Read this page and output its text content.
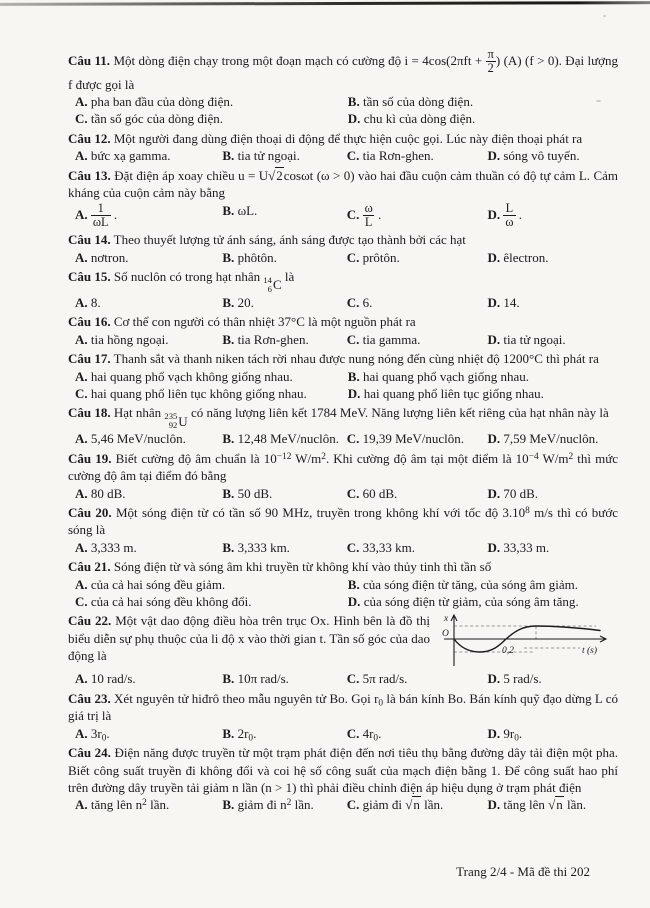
Câu 11. Một dòng điện chạy trong một đoạn mạch có cường độ $i = 4\cos(2\pi ft + \frac{\pi}{2}$ ) (A) (f > 0). Đại lượng f được gọi là

A. pha ban đầu của dòng điện.	B. tần số của dòng điện.
C. tần số góc của dòng điện.	D. chu kì của dòng điện.

Câu 12. Một người đang dùng điện thoại di động để thực hiện cuộc gọi. Lúc này điện thoại phát ra

A. bức xạ gamma.	B. tia tử ngoại.	C. tia Rơn-ghen.	D. sóng vô tuyến.

Câu 13. Đặt điện áp xoay chiều u = U√2cosωt (ω > 0) vào hai đầu cuộn cảm thuần có độ tự cảm L. Cảm kháng của cuộn cảm này bằng

A. $\frac{1}{\omega L}$ .	B. ωL.	C. $\frac{\omega}{L}$ .	D. $\frac{L}{\omega}$ .

Câu 14. Theo thuyết lượng tử ánh sáng, ánh sáng được tạo thành bởi các hạt

A. nơtron.	B. phôtôn.	C. prôtôn.	D. êlectron.

Câu 15. Số nuclôn có trong hạt nhân 14
6 C
là

A. 8.	B. 20.	C. 6.	D. 14.

Câu 16. Cơ thể con người có thân nhiệt 37°C là một nguồn phát ra

A. tia hồng ngoại.	B. tia Rơn-ghen.	C. tia gamma.	D. tia tử ngoại.

Câu 17. Thanh sắt và thanh niken tách rời nhau được nung nóng đến cùng nhiệt độ 1200°C thì phát ra

A. hai quang phổ vạch không giống nhau.	B. hai quang phổ vạch giống nhau.
C. hai quang phổ liên tục không giống nhau.	D. hai quang phổ liên tục giống nhau.

Câu 18. Hạt nhân 235
92 U
có năng lượng liên kết 1784 MeV. Năng lượng liên kết riêng của hạt nhân này là

A. 5,46 MeV/nuclôn.	B. 12,48 MeV/nuclôn. C. 19,39 MeV/nuclôn.	D. 7,59 MeV/nuclôn.

Câu 19. Biết cường độ âm chuẩn là $10^{-12}$ $W/m^2$. Khi cường độ âm tại một điểm là $10^{-4}$ $W/m^2$ thì mức cường độ âm tại điểm đó bằng

A. 80 dB.	B. 50 dB.	C. 60 dB.	D. 70 dB.

Câu 20. Một sóng điện từ có tần số 90 MHz, truyền trong không khí với tốc độ 3.10$^8$ m/s thì có bước sóng là

A. 3,333 m.	B. 3,333 km.	C. 33,33 km.	D. 33,33 m.

Câu 21. Sóng điện từ và sóng âm khi truyền từ không khí vào thủy tinh thì tần số

A. của cả hai sóng đều giảm.	B. của sóng điện từ tăng, của sóng âm giảm.
C. của cả hai sóng đều không đổi.	D. của sóng điện từ giảm, của sóng âm tăng.
x
O
0,2	t (s)

Câu 22. Một vật dao động điều hòa trên trục Ox. Hình bên là đồ thị biểu diễn sự phụ thuộc của li độ x vào thời gian t. Tần số góc của dao động là

A. 10 rad/s.	B. 10π rad/s.	C. 5π rad/s.	D. 5 rad/s.

Câu 23. Xét nguyên tử hiđrô theo mẫu nguyên tử Bo. Gọi $r_0$ là bán kính Bo. Bán kính quỹ đạo dừng L có giá trị là

A. $3r_0$.	B. $2r_0$.	C. $4r_0$.	D. $9r_0$.

Câu 24. Điện năng được truyền từ một trạm phát điện đến nơi tiêu thụ bằng đường dây tải điện một pha. Biết công suất truyền đi không đổi và coi hệ số công suất của mạch điện bằng 1. Để công suất hao phí trên đường dây truyền tải giảm n lần (n > 1) thì phải điều chỉnh điện áp hiệu dụng ở trạm phát điện

A. tăng lên $n^2$ lần.	B. giảm đi $n^2$ lần.	C. giảm đi √n lần.	D. tăng lên √n lần.
Trang 2/4 - Mã đề thi 202
